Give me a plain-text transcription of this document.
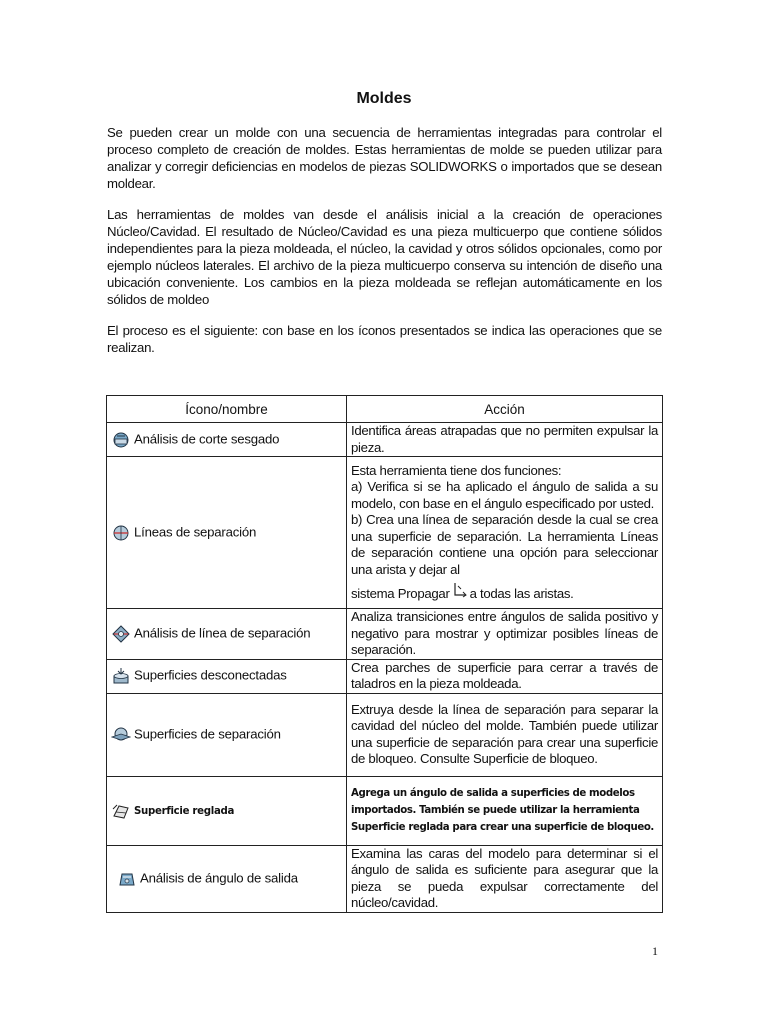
Moldes

Se pueden crear un molde con una secuencia de herramientas integradas para controlar el proceso completo de creación de moldes. Estas herramientas de molde se pueden utilizar para analizar y corregir deficiencias en modelos de piezas SOLIDWORKS o importados que se desean moldear.

Las herramientas de moldes van desde el análisis inicial a la creación de operaciones Núcleo/Cavidad. El resultado de Núcleo/Cavidad es una pieza multicuerpo que contiene sólidos independientes para la pieza moldeada, el núcleo, la cavidad y otros sólidos opcionales, como por ejemplo núcleos laterales. El archivo de la pieza multicuerpo conserva su intención de diseño una ubicación conveniente. Los cambios en la pieza moldeada se reflejan automáticamente en los sólidos de moldeo

El proceso es el siguiente: con base en los íconos presentados se indica las operaciones que se realizan.

Ícono/nombre	Acción
Análisis de corte sesgado	Identifica áreas atrapadas que no permiten expulsar la pieza.
Líneas de separación	Esta herramienta tiene dos funciones:
a) Verifica si se ha aplicado el ángulo de salida a su modelo, con base en el ángulo especificado por usted.
b) Crea una línea de separación desde la cual se crea una superficie de separación. La herramienta Líneas de separación contiene una opción para seleccionar una arista y dejar al
sistema Propagar a todas las aristas.

Análisis de línea de separación	Analiza transiciones entre ángulos de salida positivo y negativo para mostrar y optimizar posibles líneas de separación.
Superficies desconectadas	Crea parches de superficie para cerrar a través de taladros en la pieza moldeada.
Superficies de separación	Extruya desde la línea de separación para separar la cavidad del núcleo del molde. También puede utilizar una superficie de separación para crear una superficie de bloqueo. Consulte Superficie de bloqueo.
Superficie reglada	Agrega un ángulo de salida a superficies de modelos importados. También se puede utilizar la herramienta Superficie reglada para crear una superficie de bloqueo.
Análisis de ángulo de salida	Examina las caras del modelo para determinar si el ángulo de salida es suficiente para asegurar que la pieza se pueda expulsar correctamente del núcleo/cavidad.
1
